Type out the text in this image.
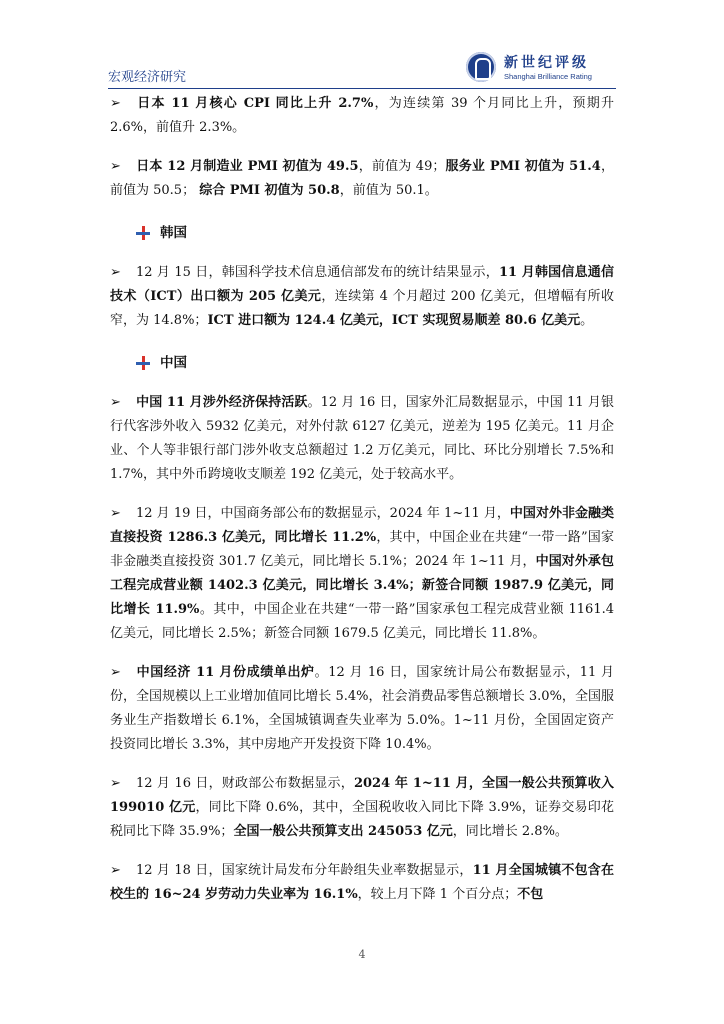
宏观经济研究
新世纪评级
Shanghai Brilliance Rating

➢ 日本 11 月核心 CPI 同比上升 2.7%，为连续第 39 个月同比上升，预期升 2.6%，前值升 2.3%。

➢ 日本 12 月制造业 PMI 初值为 49.5，前值为 49；服务业 PMI 初值为 51.4，前值为 50.5； 综合 PMI 初值为 50.8，前值为 50.1。

韩国

➢ 12 月 15 日，韩国科学技术信息通信部发布的统计结果显示，11 月韩国信息通信技术（ICT）出口额为 205 亿美元，连续第 4 个月超过 200 亿美元，但增幅有所收窄，为 14.8%；ICT 进口额为 124.4 亿美元，ICT 实现贸易顺差 80.6 亿美元。

中国

➢ 中国 11 月涉外经济保持活跃。12 月 16 日，国家外汇局数据显示，中国 11 月银行代客涉外收入 5932 亿美元，对外付款 6127 亿美元，逆差为 195 亿美元。11 月企业、个人等非银行部门涉外收支总额超过 1.2 万亿美元，同比、环比分别增长 7.5%和 1.7%，其中外币跨境收支顺差 192 亿美元，处于较高水平。

➢ 12 月 19 日，中国商务部公布的数据显示，2024 年 1~11 月，中国对外非金融类直接投资 1286.3 亿美元，同比增长 11.2%，其中，中国企业在共建“一带一路”国家非金融类直接投资 301.7 亿美元，同比增长 5.1%；2024 年 1~11 月，中国对外承包工程完成营业额 1402.3 亿美元，同比增长 3.4%；新签合同额 1987.9 亿美元，同比增长 11.9%。其中，中国企业在共建“一带一路”国家承包工程完成营业额 1161.4 亿美元，同比增长 2.5%；新签合同额 1679.5 亿美元，同比增长 11.8%。

➢ 中国经济 11 月份成绩单出炉。12 月 16 日，国家统计局公布数据显示，11 月份，全国规模以上工业增加值同比增长 5.4%，社会消费品零售总额增长 3.0%，全国服务业生产指数增长 6.1%，全国城镇调查失业率为 5.0%。1~11 月份，全国固定资产投资同比增长 3.3%，其中房地产开发投资下降 10.4%。

➢ 12 月 16 日，财政部公布数据显示，2024 年 1~11 月，全国一般公共预算收入 199010 亿元，同比下降 0.6%，其中，全国税收收入同比下降 3.9%，证券交易印花税同比下降 35.9%；全国一般公共预算支出 245053 亿元，同比增长 2.8%。

➢ 12 月 18 日，国家统计局发布分年龄组失业率数据显示，11 月全国城镇不包含在校生的 16~24 岁劳动力失业率为 16.1%，较上月下降 1 个百分点；不包

4
